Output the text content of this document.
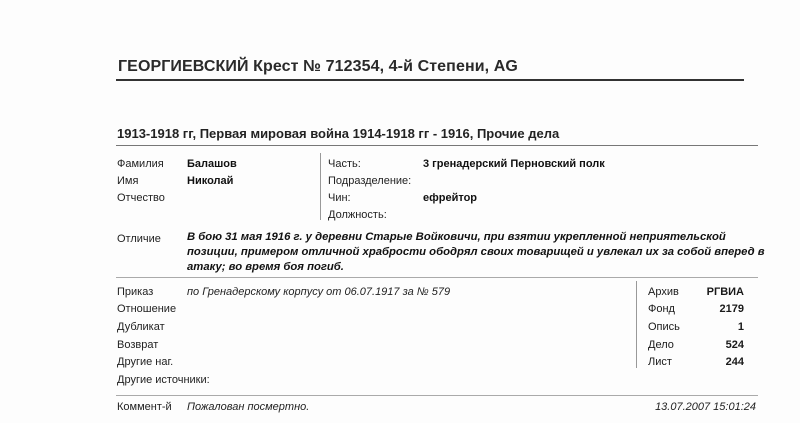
ГЕОРГИЕВСКИЙ Крест № 712354, 4-й Степени, AG
1913-1918 гг, Первая мировая война 1914-1918 гг - 1916, Прочие дела
Фамилия Балашов
Имя	Николай
Отчество
Часть:	3 гренадерский Перновский полк
Подразделение:
Чин:	ефрейтор
Должность:
Отличие В бою 31 мая 1916 г. у деревни Старые Войковичи, при взятии укрепленной неприятельской позиции, примером отличной храбрости ободрял своих товарищей и увлекал их за собой вперед в атаку; во время боя погиб.
Приказ	по Гренадерскому корпусу от 06.07.1917 за № 579
Отношение
Дубликат
Возврат
Другие наг.
Другие источники:
Архив	РГВИА
Фонд	2179
Опись	1
Дело	524
Лист	244
Коммент-й Пожалован посмертно.	13.07.2007 15:01:24
